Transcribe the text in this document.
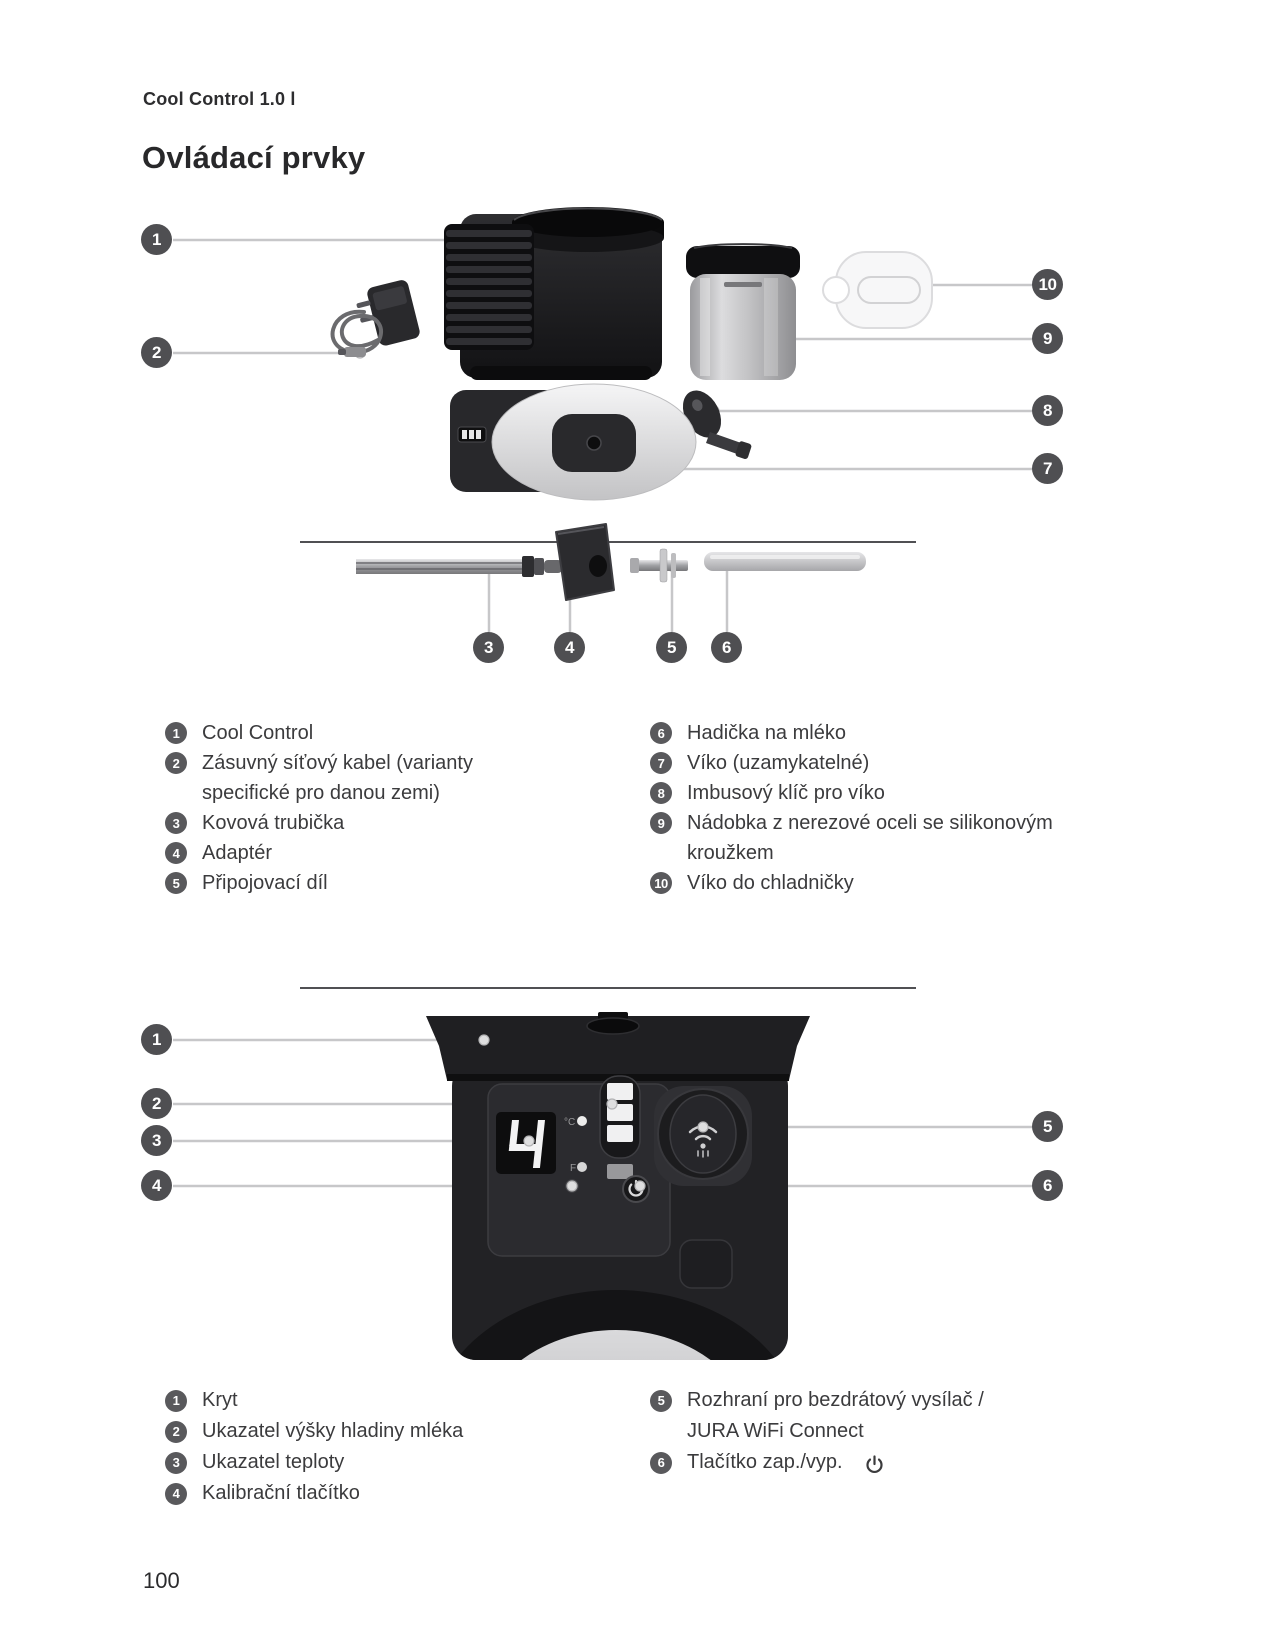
°C
F
Cool Control 1.0 l
Ovládací prvky
1
2
10
9
8
7
3	4	5	6
1	Cool Control
2	Zásuvný síťový kabel (varianty
specifické pro danou zemi)
3	Kovová trubička
4	Adaptér
5	Připojovací díl
6	Hadička na mléko
7	Víko (uzamykatelné)
8	Imbusový klíč pro víko
9	Nádobka z nerezové oceli se silikonovým
kroužkem
10 Víko do chladničky
1
2
3
4
5
6
1	Kryt
2	Ukazatel výšky hladiny mléka
3	Ukazatel teploty
4	Kalibrační tlačítko
5	Rozhraní pro bezdrátový vysílač /
JURA WiFi Connect
6	Tlačítko zap./vyp.
100
